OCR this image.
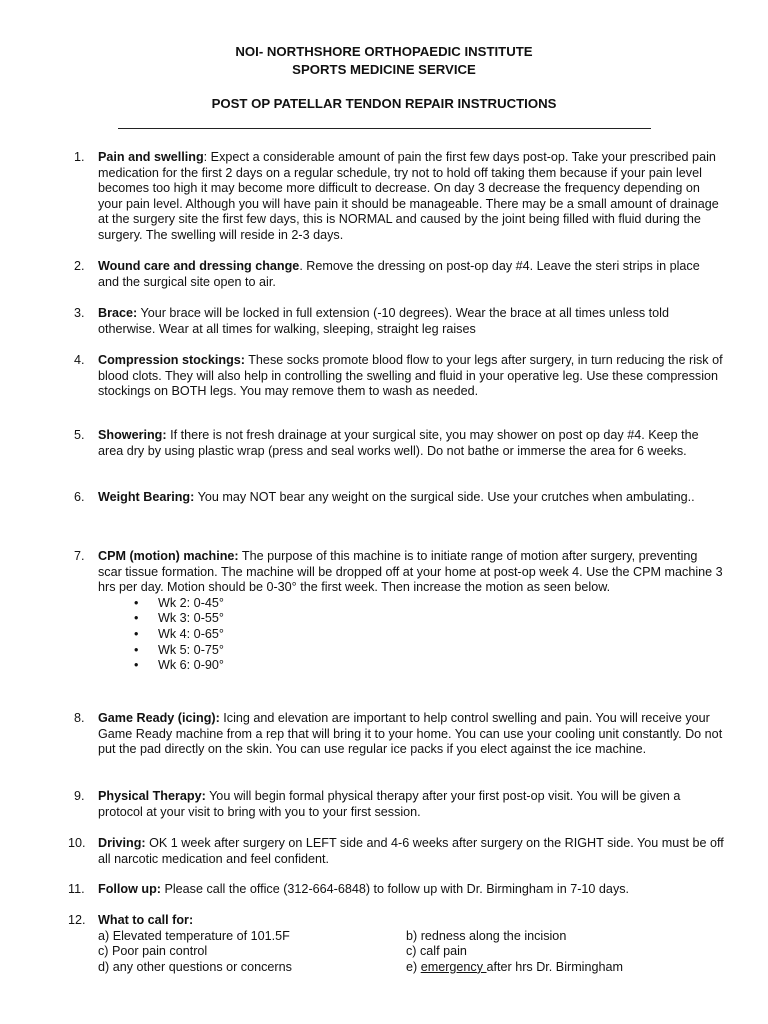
NOI- NORTHSHORE ORTHOPAEDIC INSTITUTE
SPORTS MEDICINE SERVICE
POST OP PATELLAR TENDON REPAIR INSTRUCTIONS
1. Pain and swelling: Expect a considerable amount of pain the first few days post-op. Take your prescribed pain medication for the first 2 days on a regular schedule, try not to hold off taking them because if your pain level becomes too high it may become more difficult to decrease. On day 3 decrease the frequency depending on your pain level. Although you will have pain it should be manageable. There may be a small amount of drainage at the surgery site the first few days, this is NORMAL and caused by the joint being filled with fluid during the surgery. The swelling will reside in 2-3 days.
2. Wound care and dressing change. Remove the dressing on post-op day #4. Leave the steri strips in place and the surgical site open to air.
3. Brace: Your brace will be locked in full extension (-10 degrees). Wear the brace at all times unless told otherwise. Wear at all times for walking, sleeping, straight leg raises
4. Compression stockings: These socks promote blood flow to your legs after surgery, in turn reducing the risk of blood clots. They will also help in controlling the swelling and fluid in your operative leg. Use these compression stockings on BOTH legs. You may remove them to wash as needed.
5. Showering: If there is not fresh drainage at your surgical site, you may shower on post op day #4. Keep the area dry by using plastic wrap (press and seal works well). Do not bathe or immerse the area for 6 weeks.
6. Weight Bearing: You may NOT bear any weight on the surgical side. Use your crutches when ambulating..
7. CPM (motion) machine: The purpose of this machine is to initiate range of motion after surgery, preventing scar tissue formation. The machine will be dropped off at your home at post-op week 4. Use the CPM machine 3 hrs per day. Motion should be 0-30° the first week. Then increase the motion as seen below.
• Wk 2: 0-45°
• Wk 3: 0-55°
• Wk 4: 0-65°
• Wk 5: 0-75°
• Wk 6: 0-90°
8. Game Ready (icing): Icing and elevation are important to help control swelling and pain. You will receive your Game Ready machine from a rep that will bring it to your home. You can use your cooling unit constantly. Do not put the pad directly on the skin. You can use regular ice packs if you elect against the ice machine.
9. Physical Therapy: You will begin formal physical therapy after your first post-op visit. You will be given a protocol at your visit to bring with you to your first session.
10. Driving: OK 1 week after surgery on LEFT side and 4-6 weeks after surgery on the RIGHT side. You must be off all narcotic medication and feel confident.
11. Follow up: Please call the office (312-664-6848) to follow up with Dr. Birmingham in 7-10 days.
12. What to call for:
a) Elevated temperature of 101.5F	b) redness along the incision
c) Poor pain control	c) calf pain
d) any other questions or concerns	e) emergency after hrs Dr. Birmingham
